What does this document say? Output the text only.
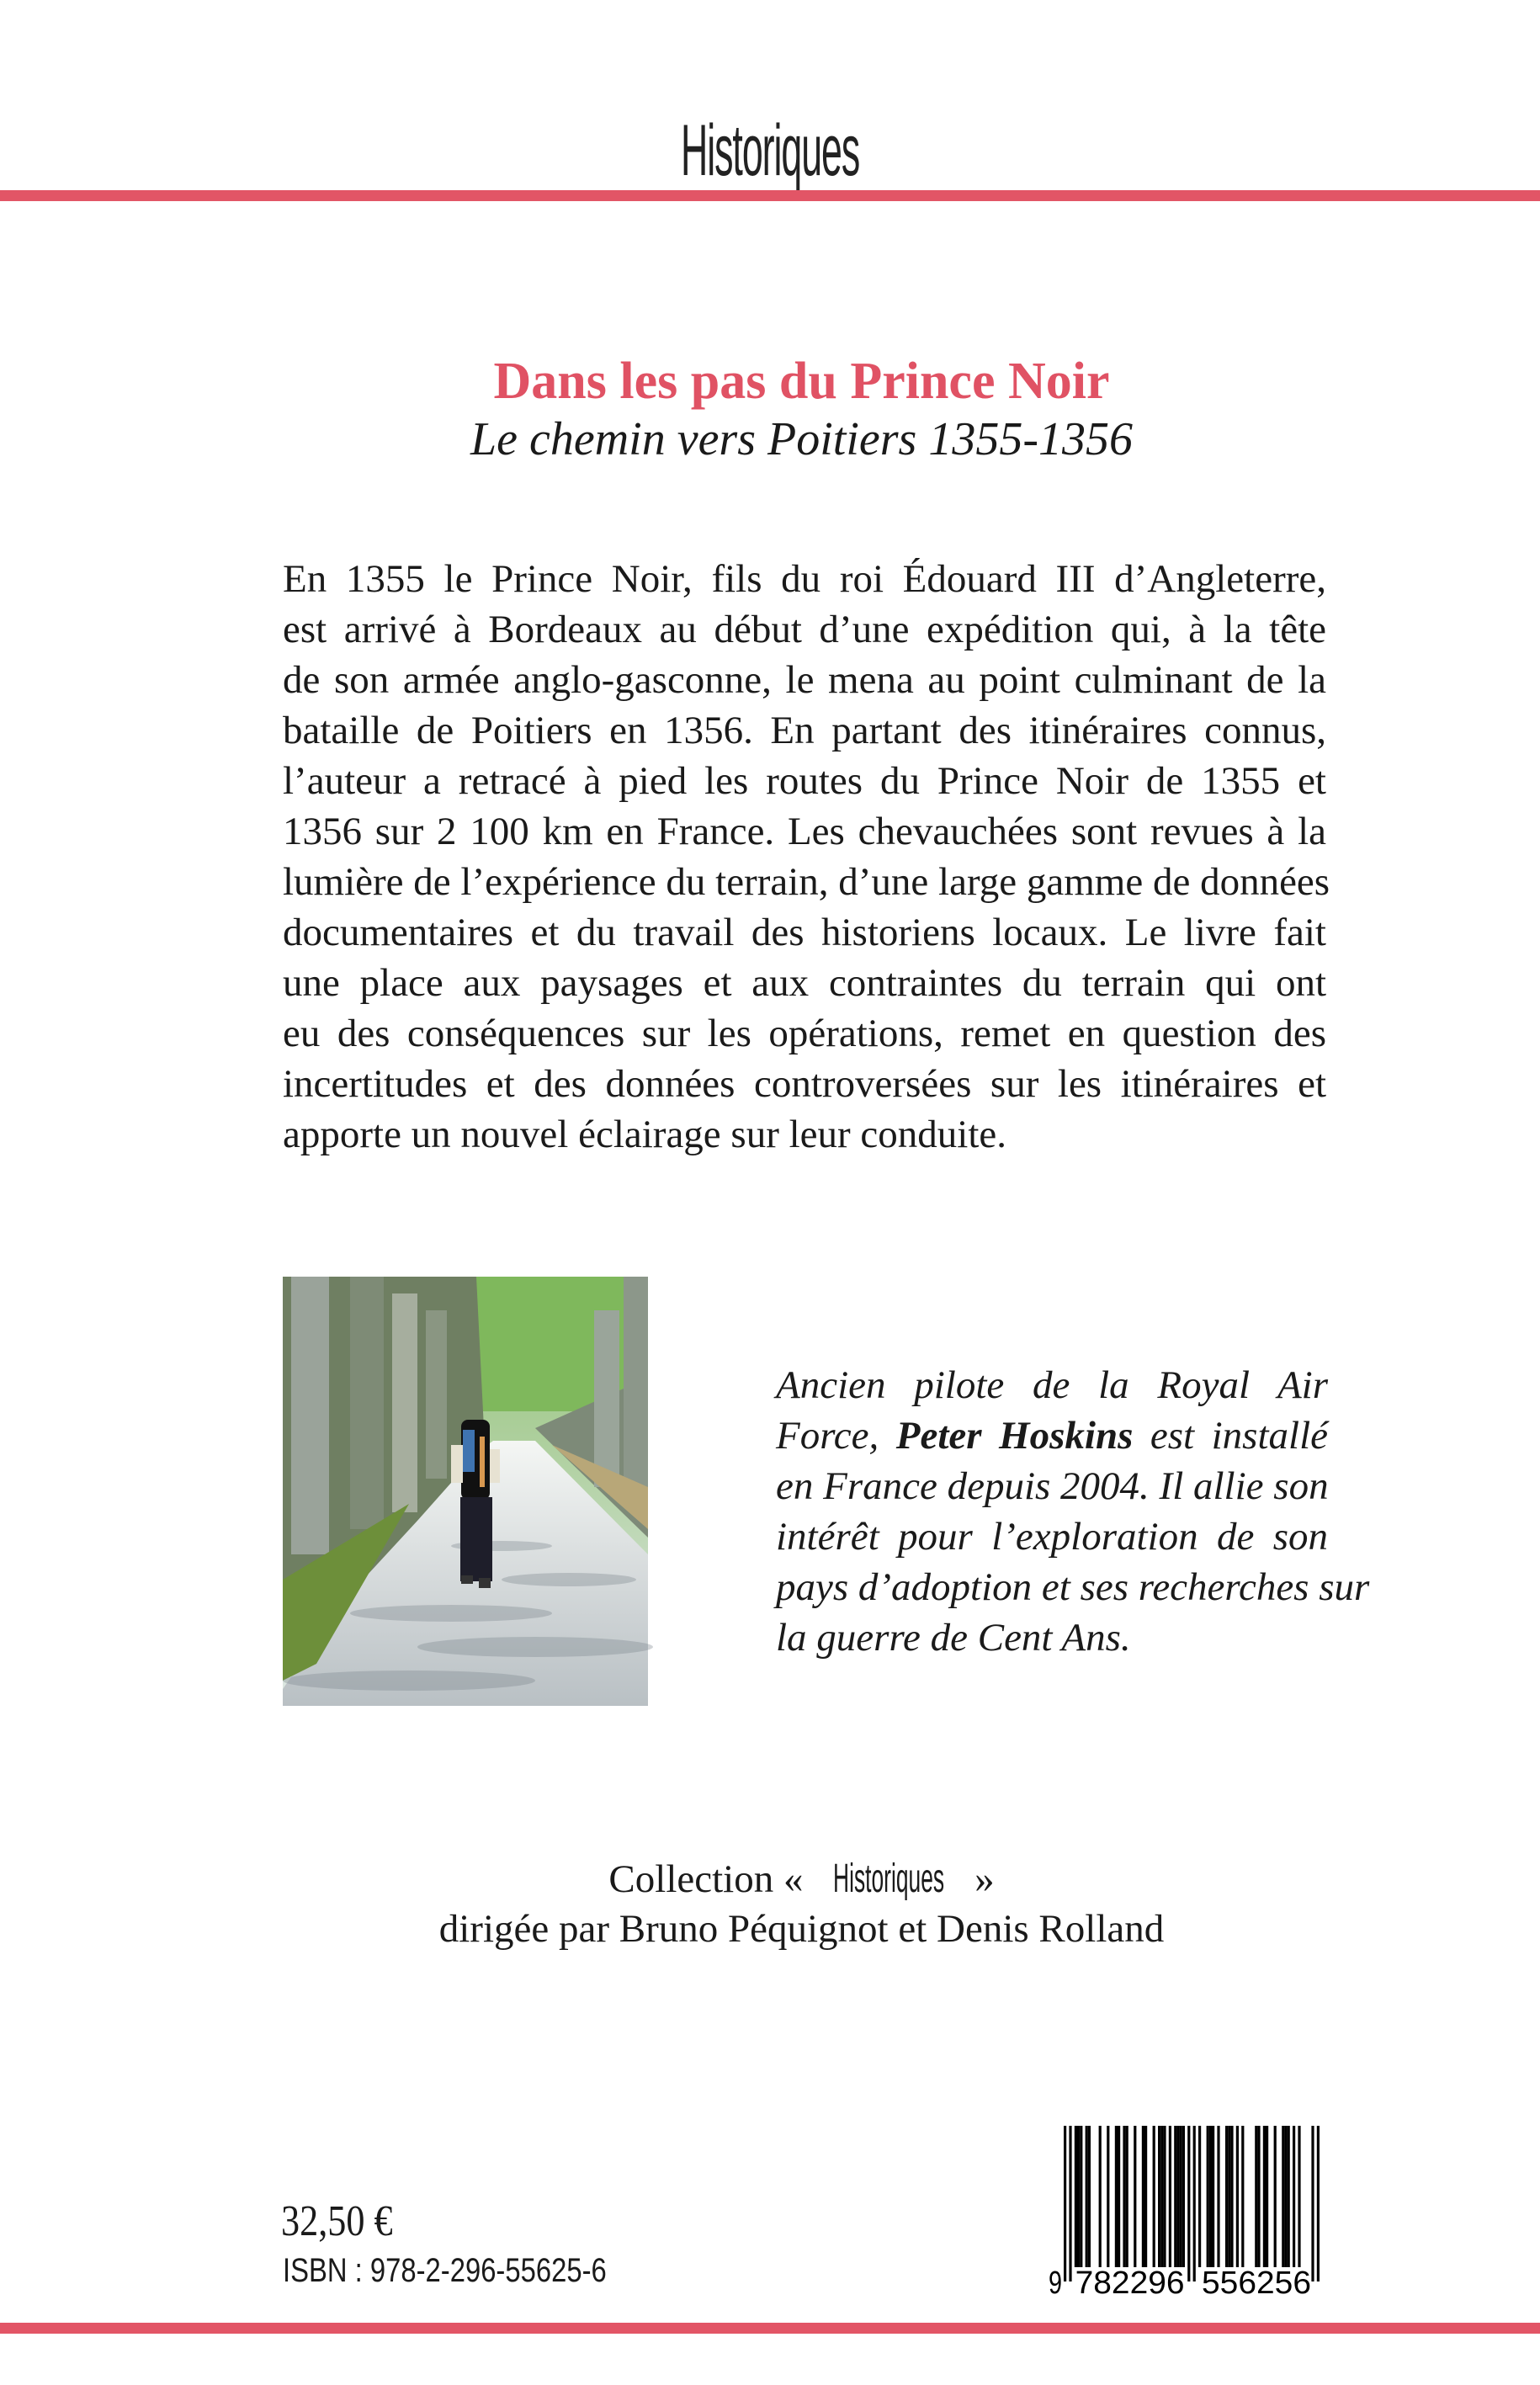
Historiques
Dans les pas du Prince Noir
Le chemin vers Poitiers 1355-1356
En 1355 le Prince Noir, fils du roi Édouard III d’Angleterre,
est arrivé à Bordeaux au début d’une expédition qui, à la tête
de son armée anglo-gasconne, le mena au point culminant de la
bataille de Poitiers en 1356. En partant des itinéraires connus,
l’auteur a retracé à pied les routes du Prince Noir de 1355 et
1356 sur 2 100 km en France. Les chevauchées sont revues à la
lumière de l’expérience du terrain, d’une large gamme de données
documentaires et du travail des historiens locaux. Le livre fait
une place aux paysages et aux contraintes du terrain qui ont
eu des conséquences sur les opérations, remet en question des
incertitudes et des données controversées sur les itinéraires et
apporte un nouvel éclairage sur leur conduite.
Ancien pilote de la Royal Air
Force, Peter Hoskins est installé
en France depuis 2004. Il allie son
intérêt pour l’exploration de son
pays d’adoption et ses recherches sur
la guerre de Cent Ans.
Collection « Historiques »
dirigée par Bruno Péquignot et Denis Rolland
32,50 €
ISBN : 978-2-296-55625-6	9 782296 556256
